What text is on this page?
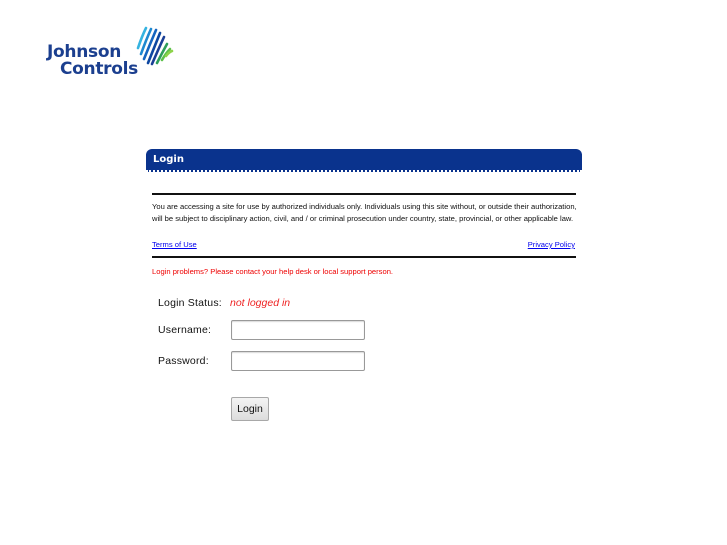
Johnson
Controls
Login
You are accessing a site for use by authorized individuals only. Individuals using this site without, or outside their authorization, will be subject to disciplinary action, civil, and / or criminal prosecution under country, state, provincial, or other applicable law.
Terms of Use	Privacy Policy
Login problems? Please contact your help desk or local support person.
Login Status: not logged in
Username:
Password:
Login
